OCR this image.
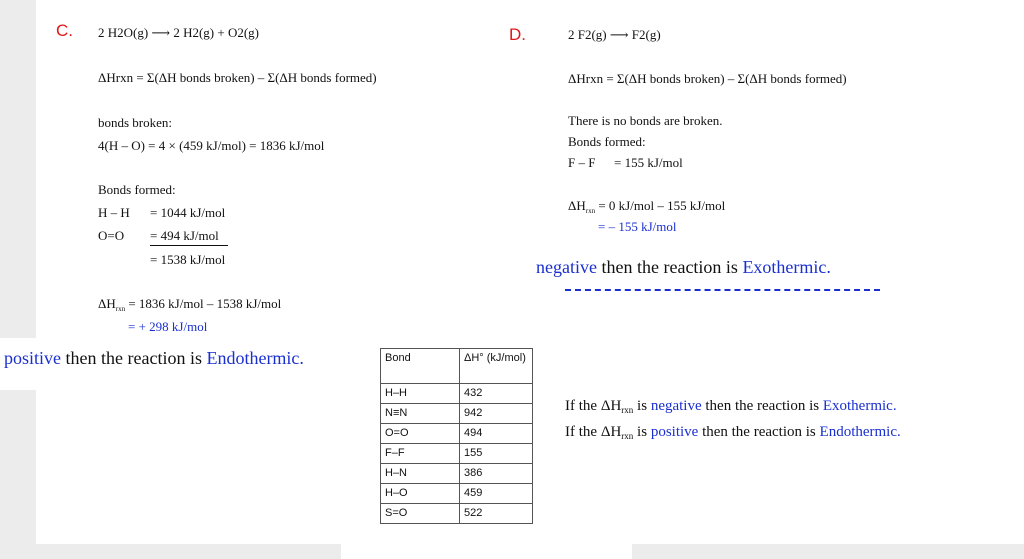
C. 2 H2O(g) ⟶ 2 H2(g) + O2(g)
ΔHrxn = Σ(ΔH bonds broken) – Σ(ΔH bonds formed)
bonds broken:
4(H – O) = 4 × (459 kJ/mol) = 1836 kJ/mol
Bonds formed:
H – H = 1044 kJ/mol
O=O = 494 kJ/mol
= 1538 kJ/mol
$\Delta H_{rxn} = 1836$ kJ/mol – 1538 kJ/mol
= + 298 kJ/mol
positive then the reaction is Endothermic.
D.	2 F2(g) ⟶ F2(g)
ΔHrxn = Σ(ΔH bonds broken) – Σ(ΔH bonds formed)
There is no bonds are broken.
Bonds formed:
F – F = 155 kJ/mol
$\Delta H_{rxn} = 0$ kJ/mol – 155 kJ/mol
= – 155 kJ/mol
negative then the reaction is Exothermic.
Bond	ΔH° (kJ/mol)
H–H	432
N≡N	942
O=O	494
F–F	155
H–N	386
H–O	459
S=O	522
If the $\Delta H_{rxn}$ is negative then the reaction is Exothermic.
If the $\Delta H_{rxn}$ is positive then the reaction is Endothermic.
